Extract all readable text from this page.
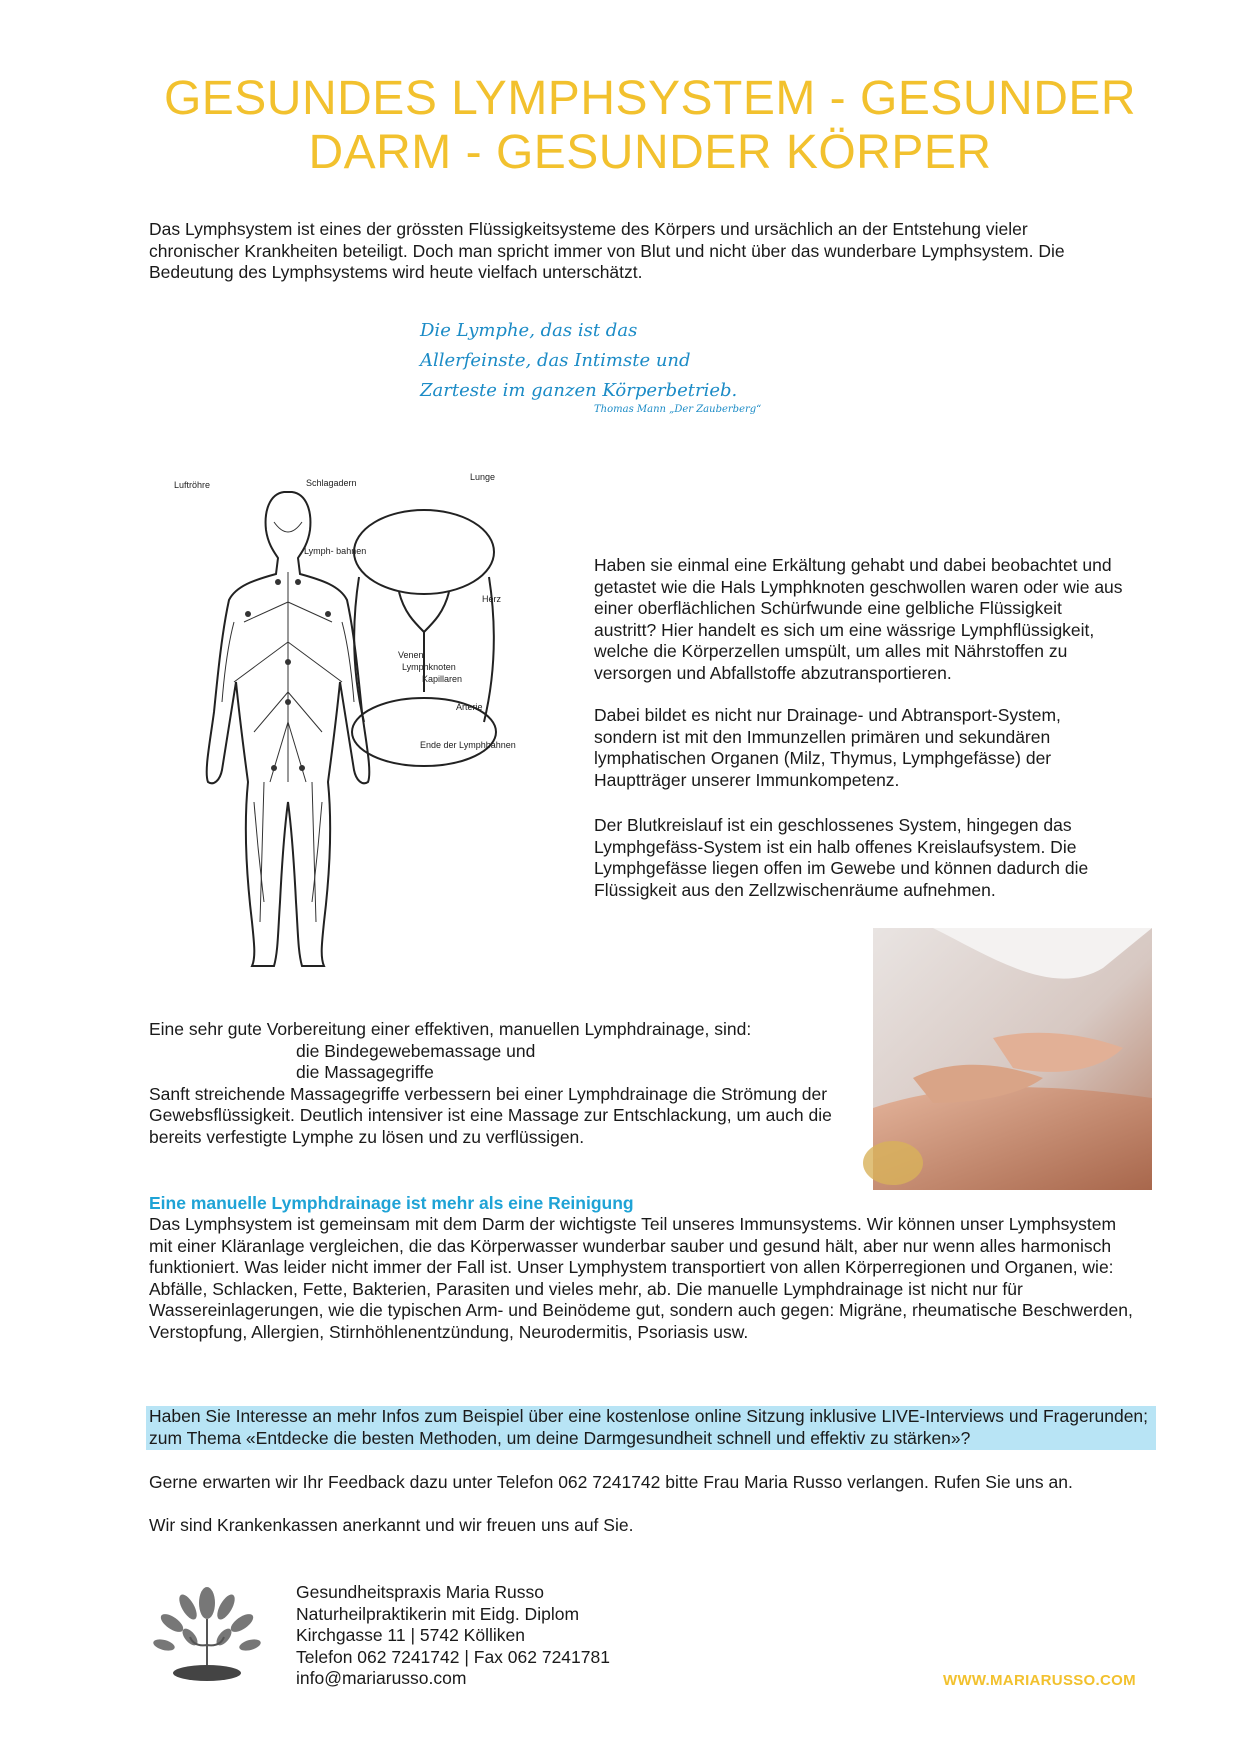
GESUNDES LYMPHSYSTEM - GESUNDER
DARM - GESUNDER KÖRPER

Das Lymphsystem ist eines der grössten Flüssigkeitsysteme des Körpers und ursächlich an der Entstehung vieler chronischer Krankheiten beteiligt. Doch man spricht immer von Blut und nicht über das wunderbare Lymphsystem. Die Bedeutung des Lymphsystems wird heute vielfach unterschätzt.

Die Lymphe, das ist das
Allerfeinste, das Intimste und
Zarteste im ganzen Körperbetrieb.
Thomas Mann „Der Zauberberg“
Luftröhre	Schlagadern
Lunge
Lymph- bahnen
Herz
Venen
Lymphknoten
Kapillaren
Arterie
Ende der Lymphbahnen

Haben sie einmal eine Erkältung gehabt und dabei beobachtet und getastet wie die Hals Lymphknoten geschwollen waren oder wie aus einer oberflächlichen Schürfwunde eine gelbliche Flüssigkeit austritt? Hier handelt es sich um eine wässrige Lymphflüssigkeit, welche die Körperzellen umspült, um alles mit Nährstoffen zu versorgen und Abfallstoffe abzutransportieren.

Dabei bildet es nicht nur Drainage- und Abtransport-System, sondern ist mit den Immunzellen primären und sekundären lymphatischen Organen (Milz, Thymus, Lymphgefässe) der Hauptträger unserer Immunkompetenz.

Der Blutkreislauf ist ein geschlossenes System, hingegen das Lymphgefäss-System ist ein halb offenes Kreislaufsystem. Die Lymphgefässe liegen offen im Gewebe und können dadurch die Flüssigkeit aus den Zellzwischenräume aufnehmen.

Eine sehr gute Vorbereitung einer effektiven, manuellen Lymphdrainage, sind:
die Bindegewebemassage und
die Massagegriffe
Sanft streichende Massagegriffe verbessern bei einer Lymphdrainage die Strömung der Gewebsflüssigkeit. Deutlich intensiver ist eine Massage zur Entschlackung, um auch die bereits verfestigte Lymphe zu lösen und zu verflüssigen.
Eine manuelle Lymphdrainage ist mehr als eine Reinigung

Das Lymphsystem ist gemeinsam mit dem Darm der wichtigste Teil unseres Immunsystems. Wir können unser Lymphsystem mit einer Kläranlage vergleichen, die das Körperwasser wunderbar sauber und gesund hält, aber nur wenn alles harmonisch funktioniert. Was leider nicht immer der Fall ist. Unser Lymphystem transportiert von allen Körperregionen und Organen, wie: Abfälle, Schlacken, Fette, Bakterien, Parasiten und vieles mehr, ab. Die manuelle Lymphdrainage ist nicht nur für Wassereinlagerungen, wie die typischen Arm- und Beinödeme gut, sondern auch gegen: Migräne, rheumatische Beschwerden, Verstopfung, Allergien, Stirnhöhlenentzündung, Neurodermitis, Psoriasis usw.

Haben Sie Interesse an mehr Infos zum Beispiel über eine kostenlose online Sitzung inklusive LIVE-Interviews und Fragerunden; zum Thema «Entdecke die besten Methoden, um deine Darmgesundheit schnell und effektiv zu stärken»?

Gerne erwarten wir Ihr Feedback dazu unter Telefon 062 7241742 bitte Frau Maria Russo verlangen. Rufen Sie uns an.

Wir sind Krankenkassen anerkannt und wir freuen uns auf Sie.

Gesundheitspraxis Maria Russo
Naturheilpraktikerin mit Eidg. Diplom
Kirchgasse 11 | 5742 Kölliken
Telefon 062 7241742 | Fax 062 7241781
info@mariarusso.com	WWW.MARIARUSSO.COM
